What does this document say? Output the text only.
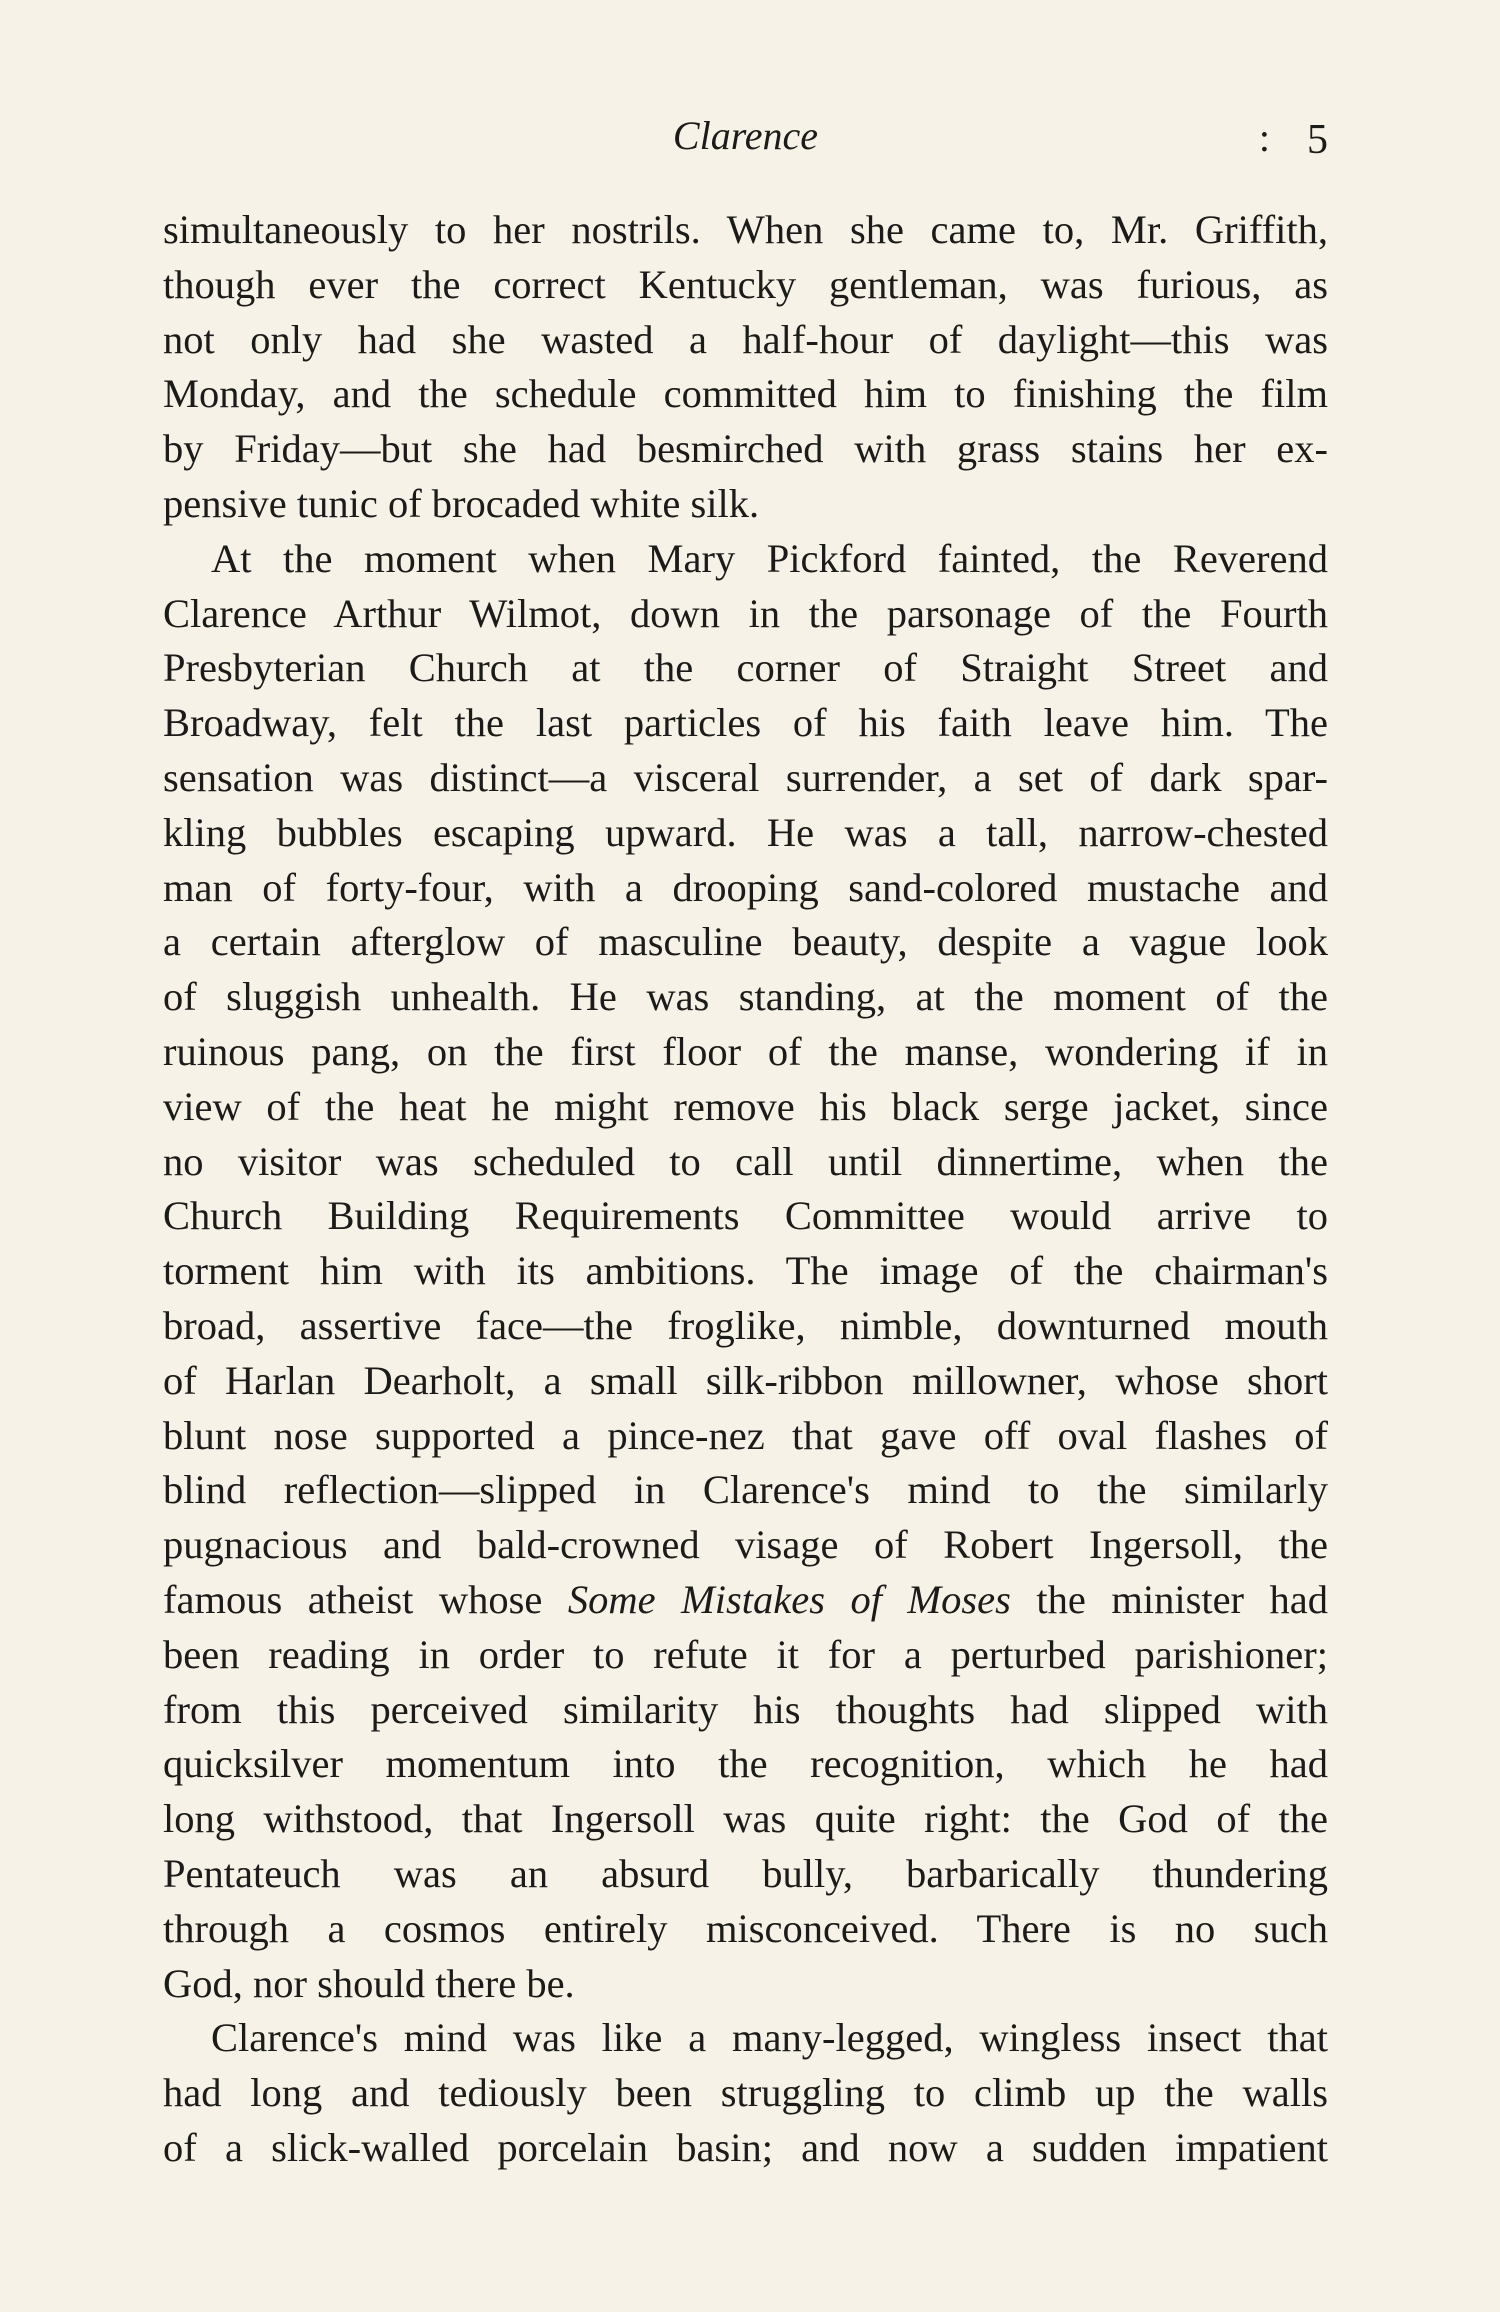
Clarence	: 5
simultaneously to her nostrils. When she came to, Mr. Griffith,
though ever the correct Kentucky gentleman, was furious, as
not only had she wasted a half-hour of daylight—this was
Monday, and the schedule committed him to finishing the film
by Friday—but she had besmirched with grass stains her ex-
pensive tunic of brocaded white silk.
At the moment when Mary Pickford fainted, the Reverend
Clarence Arthur Wilmot, down in the parsonage of the Fourth
Presbyterian Church at the corner of Straight Street and
Broadway, felt the last particles of his faith leave him. The
sensation was distinct—a visceral surrender, a set of dark spar-
kling bubbles escaping upward. He was a tall, narrow-chested
man of forty-four, with a drooping sand-colored mustache and
a certain afterglow of masculine beauty, despite a vague look
of sluggish unhealth. He was standing, at the moment of the
ruinous pang, on the first floor of the manse, wondering if in
view of the heat he might remove his black serge jacket, since
no visitor was scheduled to call until dinnertime, when the
Church Building Requirements Committee would arrive to
torment him with its ambitions. The image of the chairman's
broad, assertive face—the froglike, nimble, downturned mouth
of Harlan Dearholt, a small silk-ribbon millowner, whose short
blunt nose supported a pince-nez that gave off oval flashes of
blind reflection—slipped in Clarence's mind to the similarly
pugnacious and bald-crowned visage of Robert Ingersoll, the
famous atheist whose Some Mistakes of Moses the minister had
been reading in order to refute it for a perturbed parishioner;
from this perceived similarity his thoughts had slipped with
quicksilver momentum into the recognition, which he had
long withstood, that Ingersoll was quite right: the God of the
Pentateuch was an absurd bully, barbarically thundering
through a cosmos entirely misconceived. There is no such
God, nor should there be.
Clarence's mind was like a many-legged, wingless insect that
had long and tediously been struggling to climb up the walls
of a slick-walled porcelain basin; and now a sudden impatient
